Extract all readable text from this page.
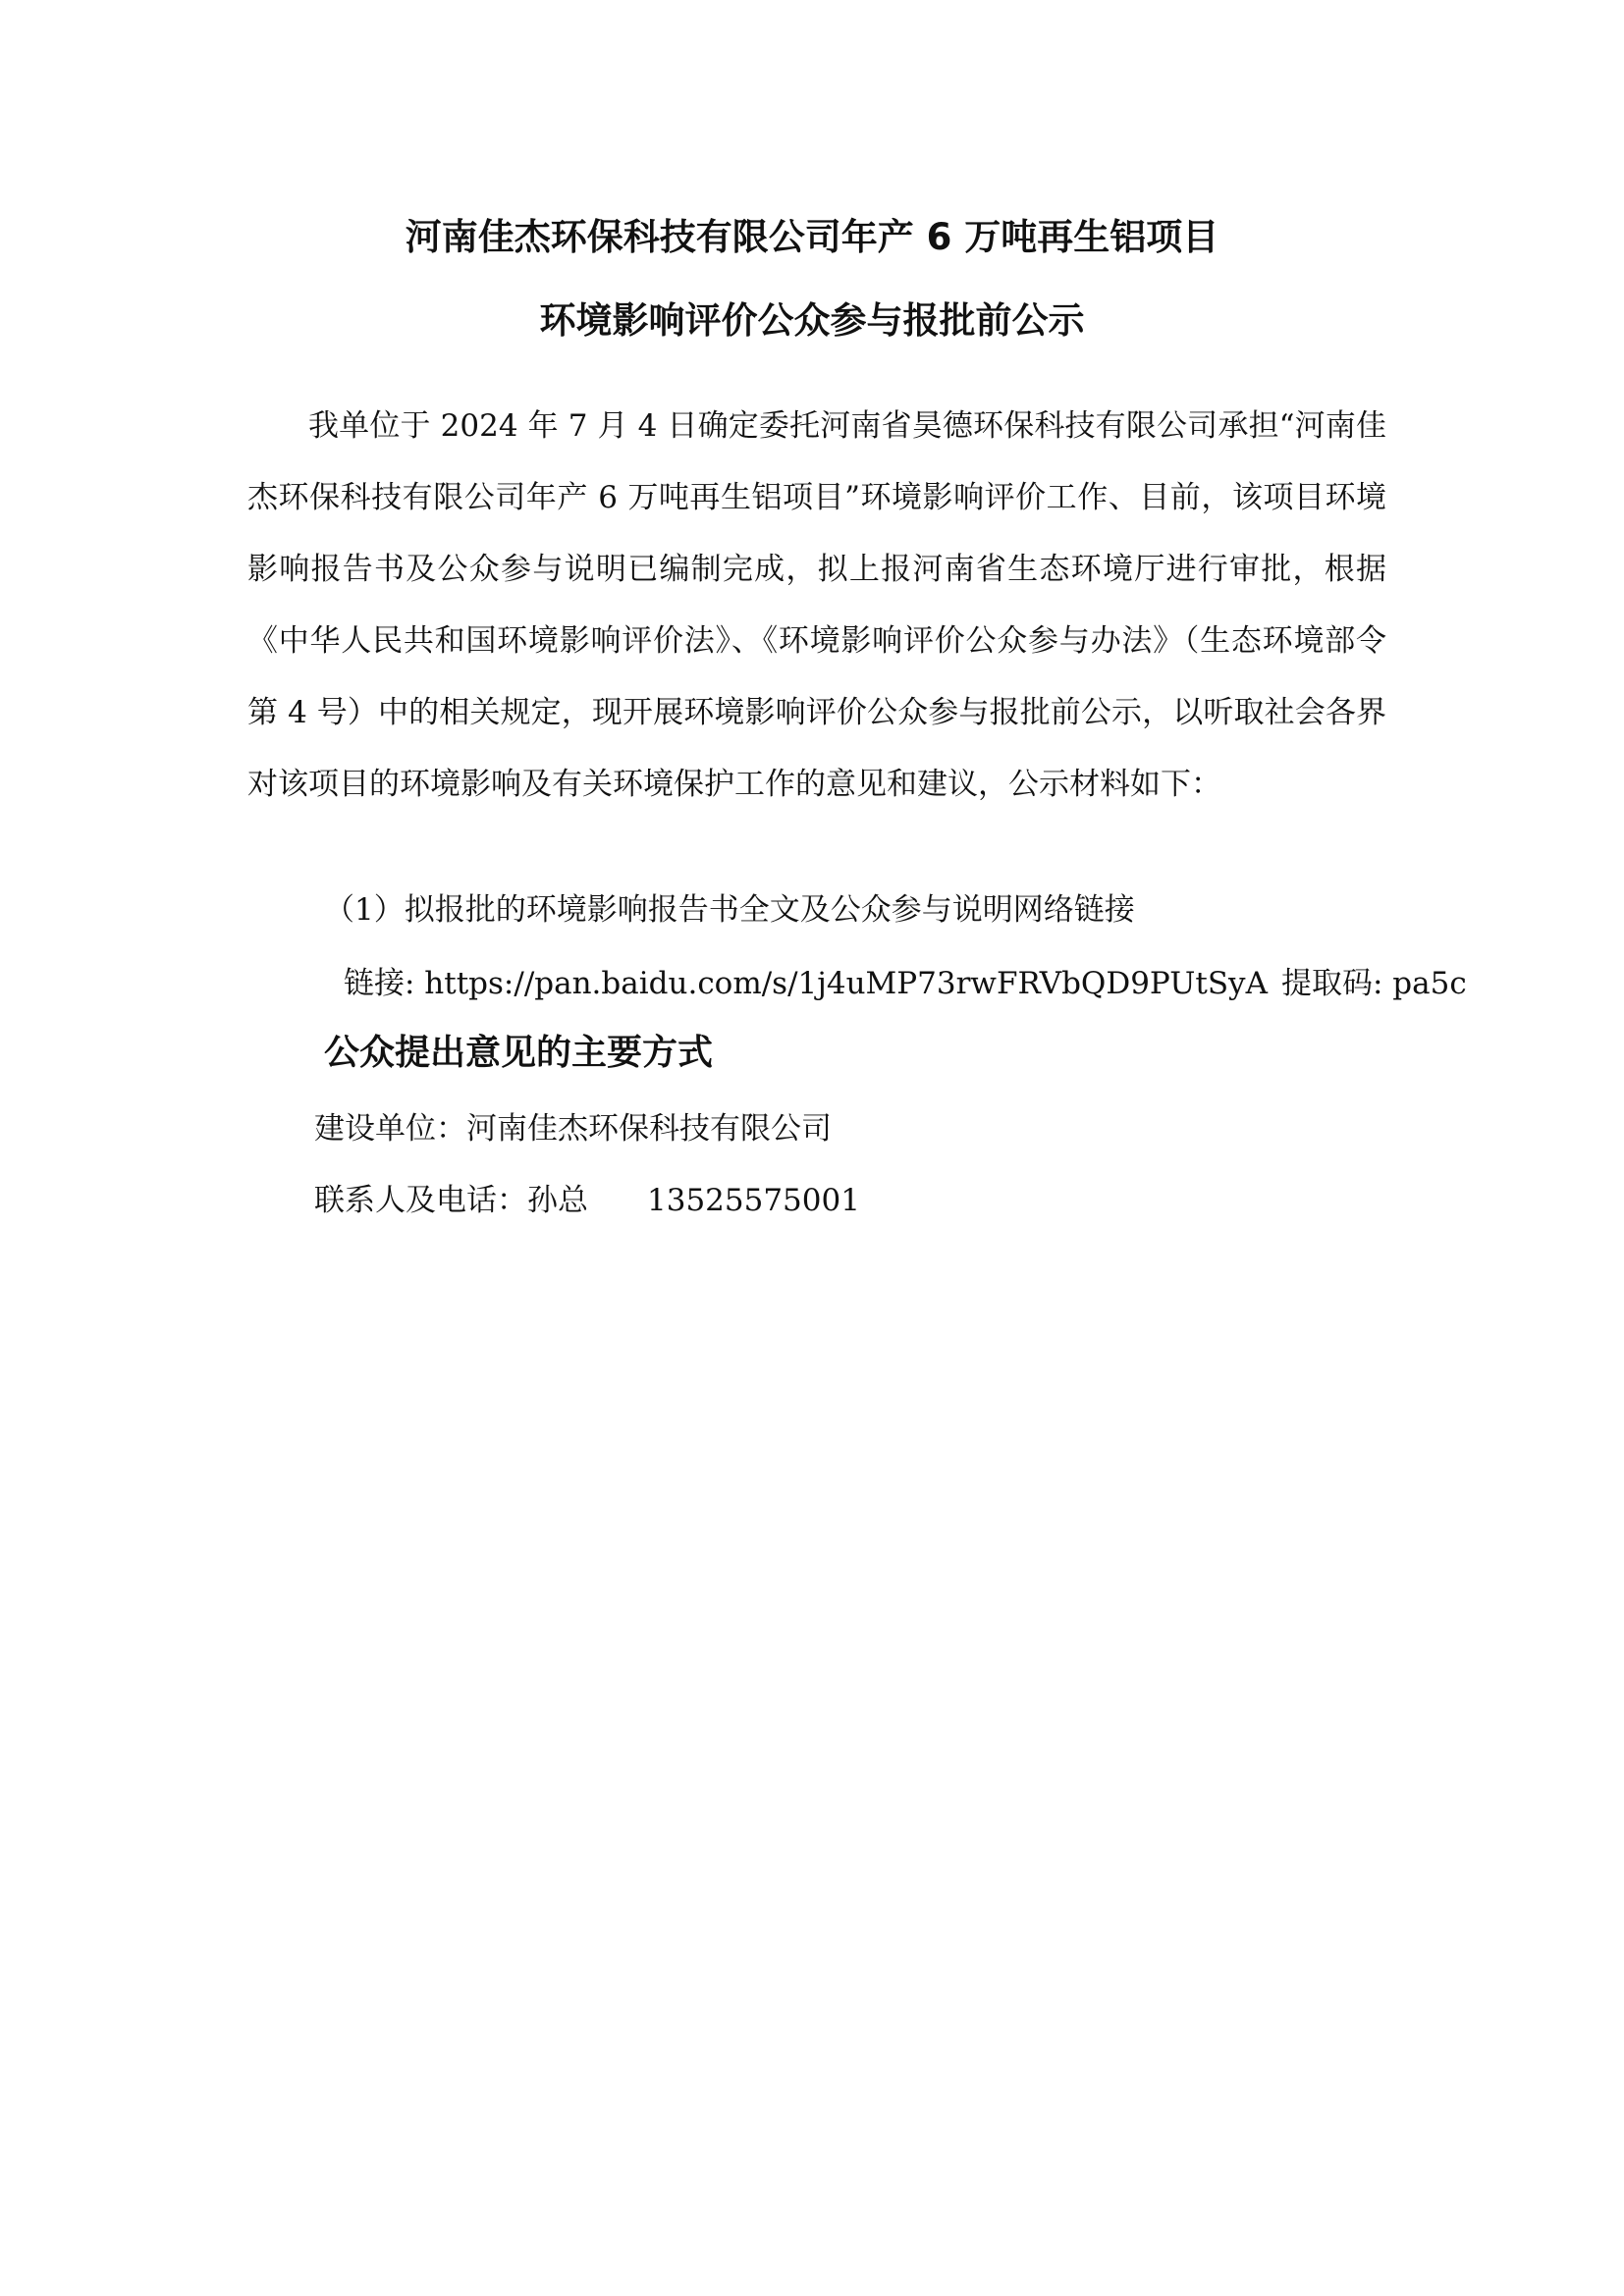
河南佳杰环保科技有限公司年产 6 万吨再生铝项目
环境影响评价公众参与报批前公示

我单位于 2024 年 7 月 4 日确定委托河南省昊德环保科技有限公司承担“河南佳杰环保科技有限公司年产 6 万吨再生铝项目”环境影响评价工作、目前，该项目环境影响报告书及公众参与说明已编制完成，拟上报河南省生态环境厅进行审批，根据《中华人民共和国环境影响评价法》、《环境影响评价公众参与办法》（生态环境部令第 4 号）中的相关规定，现开展环境影响评价公众参与报批前公示，以听取社会各界对该项目的环境影响及有关环境保护工作的意见和建议，公示材料如下：

（1）拟报批的环境影响报告书全文及公众参与说明网络链接
链接: https://pan.baidu.com/s/1j4uMP73rwFRVbQD9PUtSyA 提取码: pa5c
公众提出意见的主要方式
建设单位：河南佳杰环保科技有限公司
联系人及电话：孙总 13525575001
